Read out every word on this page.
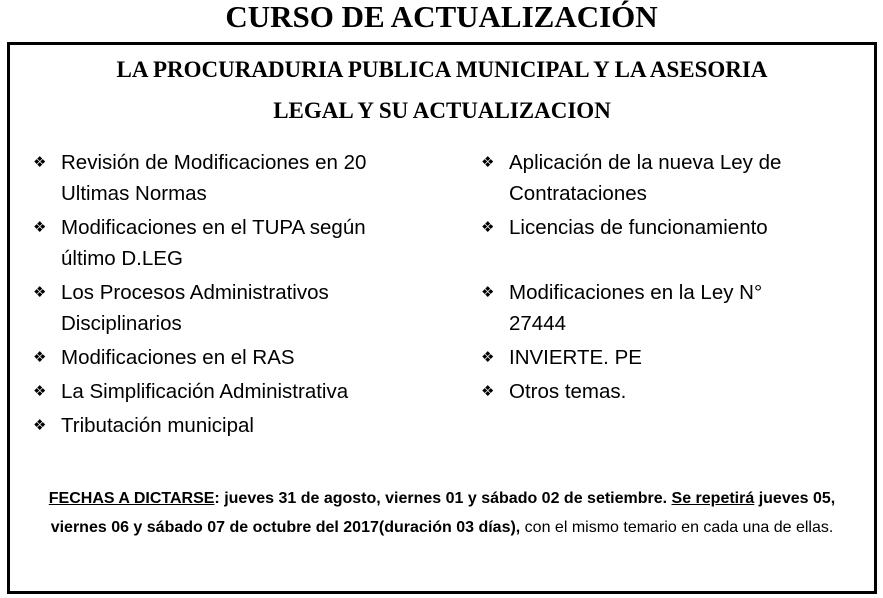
CURSO DE ACTUALIZACIÓN
LA PROCURADURIA PUBLICA MUNICIPAL Y LA ASESORIA
LEGAL Y SU ACTUALIZACION
❖ Revisión de Modificaciones en 20
Ultimas Normas
❖ Modificaciones en el TUPA según
último D.LEG
❖ Los Procesos Administrativos
Disciplinarios
❖ Modificaciones en el RAS
❖ La Simplificación Administrativa
❖ Tributación municipal
❖ Aplicación de la nueva Ley de
Contrataciones
❖ Licencias de funcionamiento
❖ Modificaciones en la Ley N°
27444
❖ INVIERTE. PE
❖ Otros temas.

FECHAS A DICTARSE: jueves 31 de agosto, viernes 01 y sábado 02 de setiembre. Se repetirá jueves 05, viernes 06 y sábado 07 de octubre del 2017(duración 03 días), con el mismo temario en cada una de ellas.
